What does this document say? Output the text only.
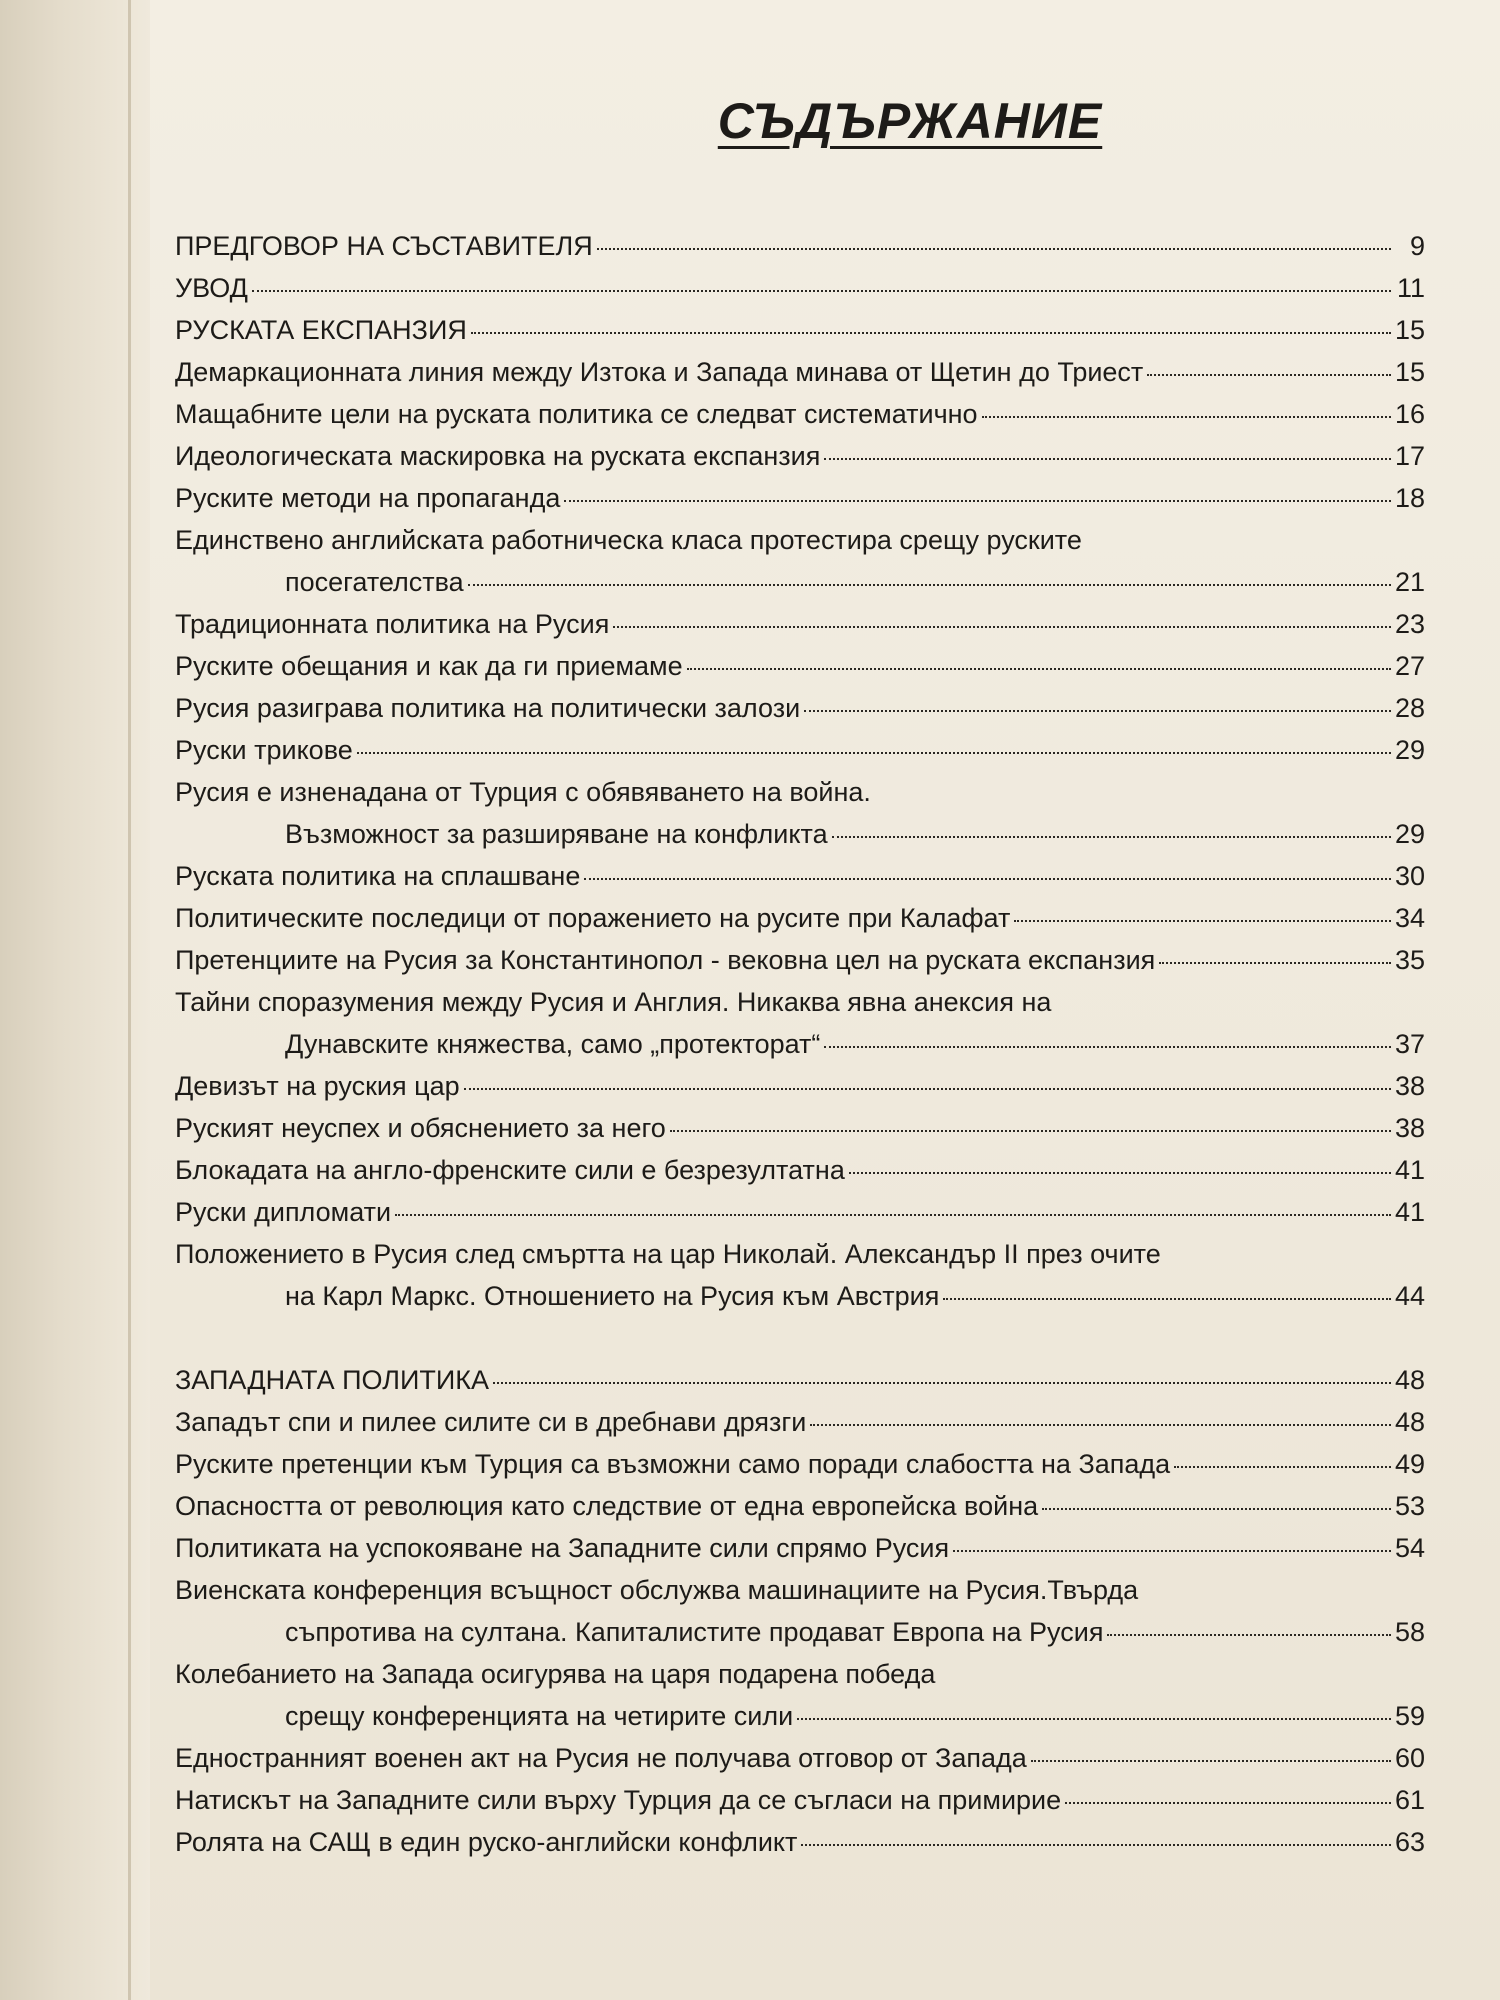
СЪДЪРЖАНИЕ
ПРЕДГОВОР НА СЪСТАВИТЕЛЯ	9
УВОД	11
РУСКАТА ЕКСПАНЗИЯ	15
Демаркационната линия между Изтока и Запада минава от Щетин до Триест	15
Мащабните цели на руската политика се следват систематично	16
Идеологическата маскировка на руската експанзия	17
Руските методи на пропаганда	18
Единствено английската работническа класа протестира срещу руските
посегателства	21
Традиционната политика на Русия	23
Руските обещания и как да ги приемаме	27
Русия разиграва политика на политически залози	28
Руски трикове	29
Русия е изненадана от Турция с обявяването на война.
Възможност за разширяване на конфликта	29
Руската политика на сплашване	30
Политическите последици от поражението на русите при Калафат	34
Претенциите на Русия за Константинопол - вековна цел на руската експанзия	35
Тайни споразумения между Русия и Англия. Никаква явна анексия на
Дунавските княжества, само „протекторат“	37
Девизът на руския цар	38
Руският неуспех и обяснението за него	38
Блокадата на англо-френските сили е безрезултатна	41
Руски дипломати	41
Положението в Русия след смъртта на цар Николай. Александър II през очите
на Карл Маркс. Отношението на Русия към Австрия	44
ЗАПАДНАТА ПОЛИТИКА	48
Западът спи и пилее силите си в дребнави дрязги	48
Руските претенции към Турция са възможни само поради слабостта на Запада	49
Опасността от революция като следствие от една европейска война	53
Политиката на успокояване на Западните сили спрямо Русия	54
Виенската конференция всъщност обслужва машинациите на Русия.Твърда
съпротива на султана. Капиталистите продават Европа на Русия	58
Колебанието на Запада осигурява на царя подарена победа
срещу конференцията на четирите сили	59
Едностранният военен акт на Русия не получава отговор от Запада	60
Натискът на Западните сили върху Турция да се съгласи на примирие	61
Ролята на САЩ в един руско-английски конфликт	63
